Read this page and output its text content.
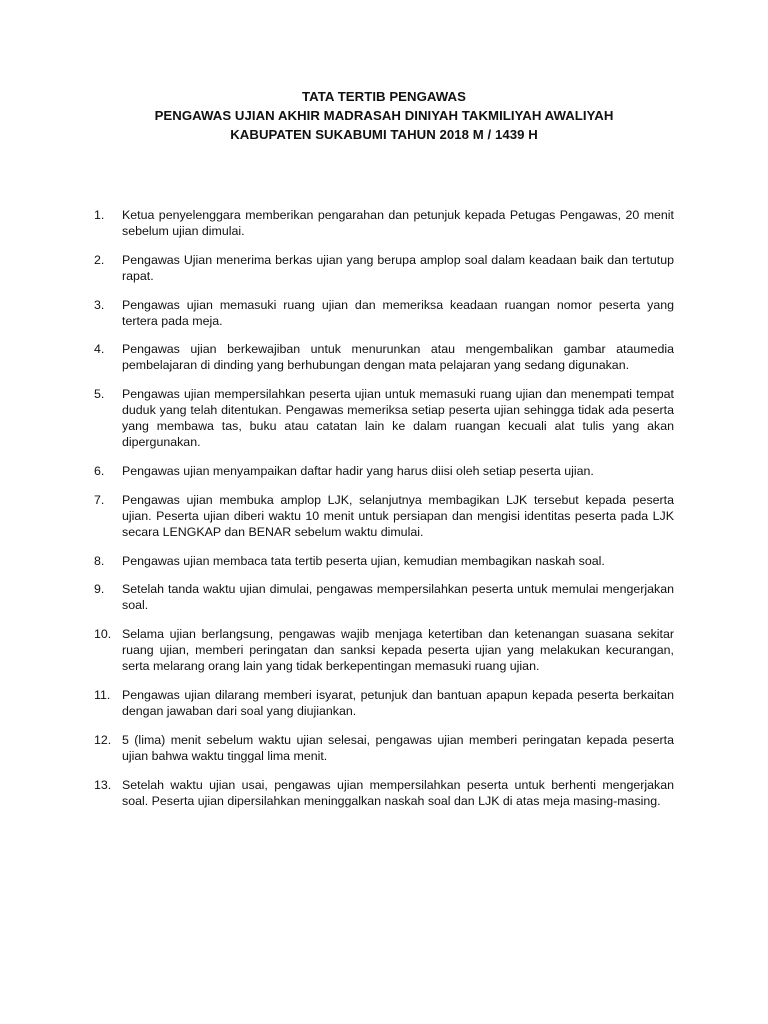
TATA TERTIB PENGAWAS
PENGAWAS UJIAN AKHIR MADRASAH DINIYAH TAKMILIYAH AWALIYAH
KABUPATEN SUKABUMI TAHUN 2018 M / 1439 H
1.	Ketua penyelenggara memberikan pengarahan dan petunjuk kepada Petugas Pengawas, 20 menit sebelum ujian dimulai.
2.	Pengawas Ujian menerima berkas ujian yang berupa amplop soal dalam keadaan baik dan tertutup rapat.
3.	Pengawas ujian memasuki ruang ujian dan memeriksa keadaan ruangan nomor peserta yang tertera pada meja.
4.	Pengawas ujian berkewajiban untuk menurunkan atau mengembalikan gambar ataumedia pembelajaran di dinding yang berhubungan dengan mata pelajaran yang sedang digunakan.
5.	Pengawas ujian mempersilahkan peserta ujian untuk memasuki ruang ujian dan menempati tempat duduk yang telah ditentukan. Pengawas memeriksa setiap peserta ujian sehingga tidak ada peserta yang membawa tas, buku atau catatan lain ke dalam ruangan kecuali alat tulis yang akan dipergunakan.
6.	Pengawas ujian menyampaikan daftar hadir yang harus diisi oleh setiap peserta ujian.
7.	Pengawas ujian membuka amplop LJK, selanjutnya membagikan LJK tersebut kepada peserta ujian. Peserta ujian diberi waktu 10 menit untuk persiapan dan mengisi identitas peserta pada LJK secara LENGKAP dan BENAR sebelum waktu dimulai.
8.	Pengawas ujian membaca tata tertib peserta ujian, kemudian membagikan naskah soal.
9.	Setelah tanda waktu ujian dimulai, pengawas mempersilahkan peserta untuk memulai mengerjakan soal.
10. Selama ujian berlangsung, pengawas wajib menjaga ketertiban dan ketenangan suasana sekitar ruang ujian, memberi peringatan dan sanksi kepada peserta ujian yang melakukan kecurangan, serta melarang orang lain yang tidak berkepentingan memasuki ruang ujian.
11. Pengawas ujian dilarang memberi isyarat, petunjuk dan bantuan apapun kepada peserta berkaitan dengan jawaban dari soal yang diujiankan.
12. 5 (lima) menit sebelum waktu ujian selesai, pengawas ujian memberi peringatan kepada peserta ujian bahwa waktu tinggal lima menit.
13. Setelah waktu ujian usai, pengawas ujian mempersilahkan peserta untuk berhenti mengerjakan soal. Peserta ujian dipersilahkan meninggalkan naskah soal dan LJK di atas meja masing-masing.
